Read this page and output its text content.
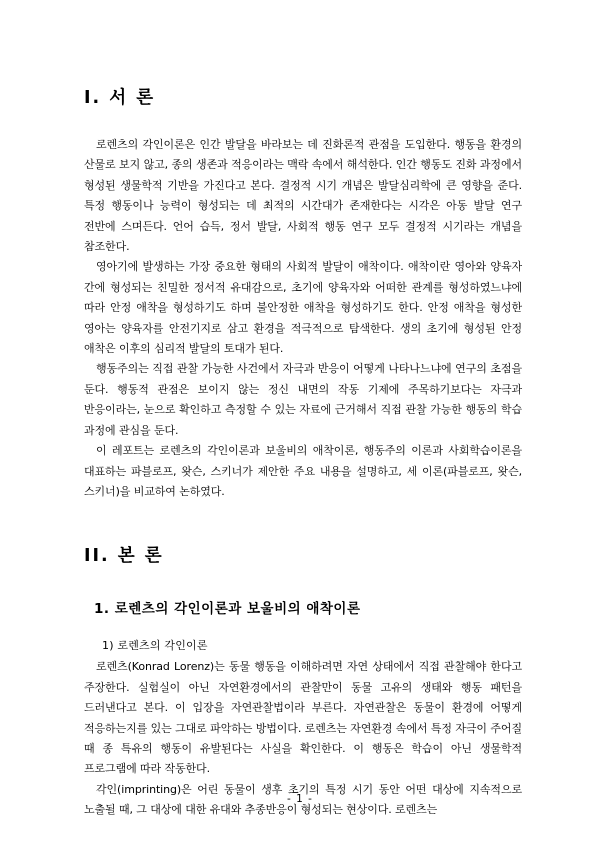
I. 서 론

로렌츠의 각인이론은 인간 발달을 바라보는 데 진화론적 관점을 도입한다. 행동을 환경의 산물로 보지 않고, 종의 생존과 적응이라는 맥락 속에서 해석한다. 인간 행동도 진화 과정에서 형성된 생물학적 기반을 가진다고 본다. 결정적 시기 개념은 발달심리학에 큰 영향을 준다. 특정 행동이나 능력이 형성되는 데 최적의 시간대가 존재한다는 시각은 아동 발달 연구 전반에 스며든다. 언어 습득, 정서 발달, 사회적 행동 연구 모두 결정적 시기라는 개념을 참조한다.

영아기에 발생하는 가장 중요한 형태의 사회적 발달이 애착이다. 애착이란 영아와 양육자 간에 형성되는 친밀한 정서적 유대감으로, 초기에 양육자와 어떠한 관계를 형성하였느냐에 따라 안정 애착을 형성하기도 하며 불안정한 애착을 형성하기도 한다. 안정 애착을 형성한 영아는 양육자를 안전기지로 삼고 환경을 적극적으로 탐색한다. 생의 초기에 형성된 안정 애착은 이후의 심리적 발달의 토대가 된다.

행동주의는 직접 관찰 가능한 사건에서 자극과 반응이 어떻게 나타나느냐에 연구의 초점을 둔다. 행동적 관점은 보이지 않는 정신 내면의 작동 기제에 주목하기보다는 자극과 반응이라는, 눈으로 확인하고 측정할 수 있는 자료에 근거해서 직접 관찰 가능한 행동의 학습 과정에 관심을 둔다.

이 레포트는 로렌츠의 각인이론과 보울비의 애착이론, 행동주의 이론과 사회학습이론을 대표하는 파블로프, 왓슨, 스키너가 제안한 주요 내용을 설명하고, 세 이론(파블로프, 왓슨, 스키너)을 비교하여 논하였다.

II. 본 론
1. 로렌츠의 각인이론과 보울비의 애착이론
1) 로렌츠의 각인이론

로렌츠(Konrad Lorenz)는 동물 행동을 이해하려면 자연 상태에서 직접 관찰해야 한다고 주장한다. 실험실이 아닌 자연환경에서의 관찰만이 동물 고유의 생태와 행동 패턴을 드러낸다고 본다. 이 입장을 자연관찰법이라 부른다. 자연관찰은 동물이 환경에 어떻게 적응하는지를 있는 그대로 파악하는 방법이다. 로렌츠는 자연환경 속에서 특정 자극이 주어질 때 종 특유의 행동이 유발된다는 사실을 확인한다. 이 행동은 학습이 아닌 생물학적 프로그램에 따라 작동한다.

각인(imprinting)은 어린 동물이 생후 초기의 특정 시기 동안 어떤 대상에 지속적으로 노출될 때, 그 대상에 대한 유대와 추종반응이 형성되는 현상이다. 로렌츠는

- 1 -
